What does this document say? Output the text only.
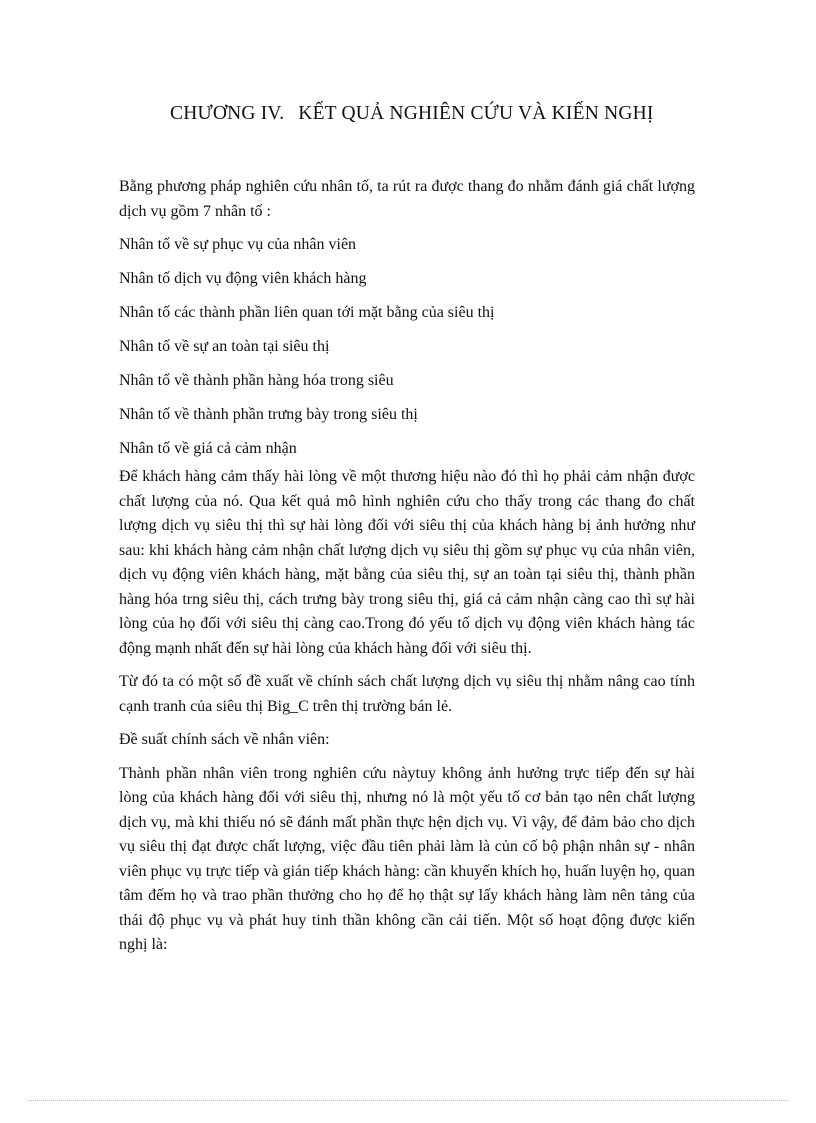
CHƯƠNG IV. KẾT QUẢ NGHIÊN CỨU VÀ KIẾN NGHỊ

Bằng phương pháp nghiên cứu nhân tố, ta rút ra được thang đo nhằm đánh giá chất lượng dịch vụ gồm 7 nhân tố :

Nhân tố về sự phục vụ của nhân viên
Nhân tố dịch vụ động viên khách hàng
Nhân tố các thành phần liên quan tới mặt bằng của siêu thị
Nhân tố về sự an toàn tại siêu thị
Nhân tố về thành phần hàng hóa trong siêu
Nhân tố về thành phần trưng bày trong siêu thị
Nhân tố về giá cả cảm nhận

Để khách hàng cảm thấy hài lòng về một thương hiệu nào đó thì họ phải cảm nhận được chất lượng của nó. Qua kết quả mô hình nghiên cứu cho thấy trong các thang đo chất lượng dịch vụ siêu thị thì sự hài lòng đối với siêu thị của khách hàng bị ảnh hưởng như sau: khi khách hàng cảm nhận chất lượng dịch vụ siêu thị gồm sự phục vụ của nhân viên, dịch vụ động viên khách hàng, mặt bằng của siêu thị, sự an toàn tại siêu thị, thành phần hàng hóa trng siêu thị, cách trưng bày trong siêu thị, giá cả cảm nhận càng cao thì sự hài lòng của họ đối với siêu thị càng cao.Trong đó yếu tố dịch vụ động viên khách hàng tác động mạnh nhất đến sự hài lòng của khách hàng đối với siêu thị.

Từ đó ta có một số đề xuất về chính sách chất lượng dịch vụ siêu thị nhằm nâng cao tính cạnh tranh của siêu thị Big_C trên thị trường bán lẻ.

Đề suất chính sách về nhân viên:

Thành phần nhân viên trong nghiên cứu nàytuy không ảnh hưởng trực tiếp đến sự hài lòng của khách hàng đối với siêu thị, nhưng nó là một yếu tố cơ bản tạo nên chất lượng dịch vụ, mà khi thiếu nó sẽ đánh mất phần thực hện dịch vụ. Vì vậy, để đảm bảo cho dịch vụ siêu thị đạt được chất lượng, việc đầu tiên phải làm là củn cố bộ phận nhân sự - nhân viên phục vụ trực tiếp và gián tiếp khách hàng: cần khuyến khích họ, huấn luyện họ, quan tâm đếm họ và trao phần thưởng cho họ để họ thật sự lấy khách hàng làm nên tảng của thái độ phục vụ và phát huy tinh thần không cần cải tiến. Một số hoạt động được kiến nghị là:
